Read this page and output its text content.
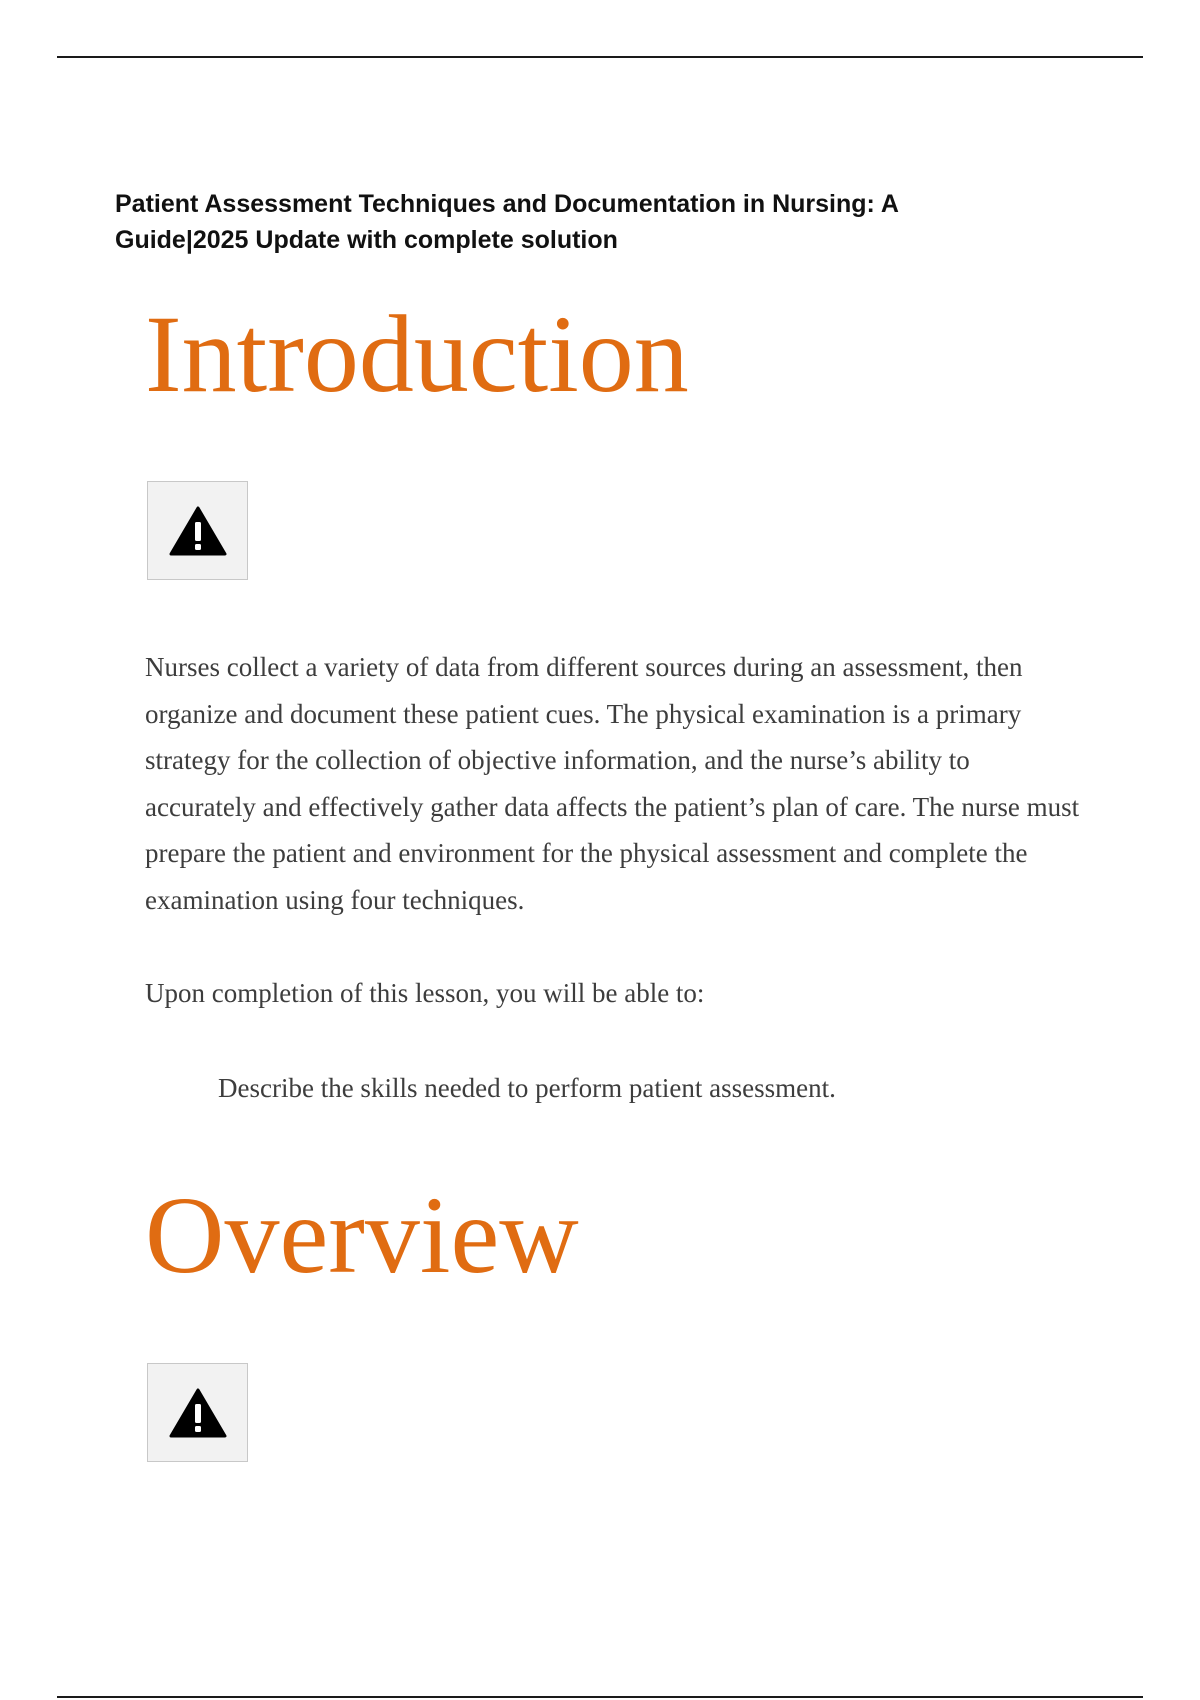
Patient Assessment Techniques and Documentation in Nursing: A Guide|2025 Update with complete solution
Introduction

Nurses collect a variety of data from different sources during an assessment, then organize and document these patient cues. The physical examination is a primary strategy for the collection of objective information, and the nurse’s ability to accurately and effectively gather data affects the patient’s plan of care. The nurse must prepare the patient and environment for the physical assessment and complete the examination using four techniques.

Upon completion of this lesson, you will be able to:

Describe the skills needed to perform patient assessment.

Overview
